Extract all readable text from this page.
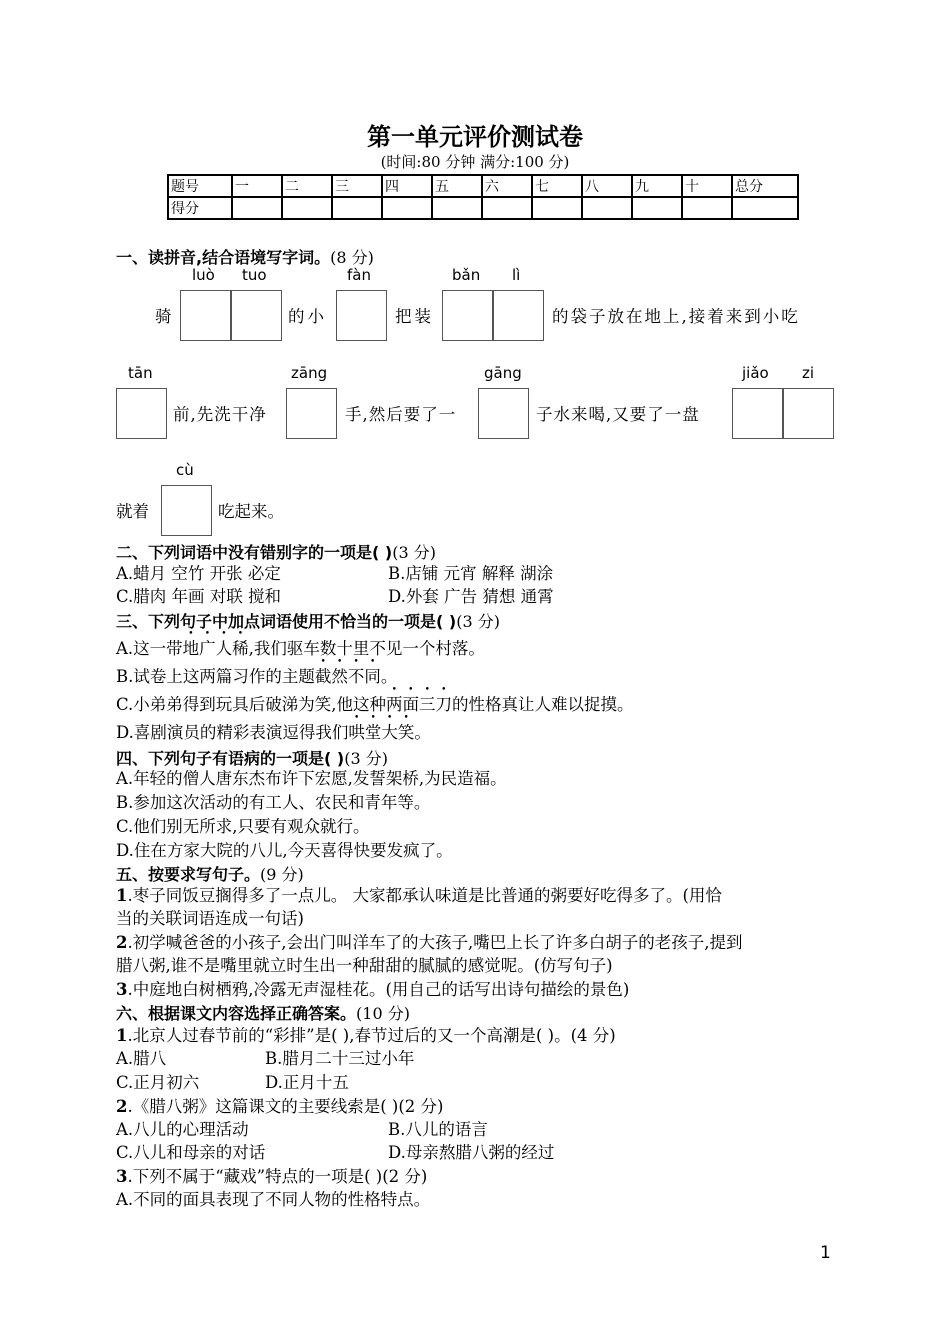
第一单元评价测试卷
(时间:80 分钟 满分:100 分)
题号	一	二	三	四	五	六	七	八	九	十	总分
得分											
一、读拼音,结合语境写字词。(8 分)
luò tuo	fàn	bǎn lì
骑	的小	把装	的袋子放在地上,接着来到小吃
tān	zāng	gāng	jiǎo zi
前,先洗干净	手,然后要了一	子水来喝,又要了一盘
cù
就着	吃起来。
二、下列词语中没有错别字的一项是( )(3 分)
A.蜡月 空竹 开张 必定	B.店铺 元宵 解释 湖涂
C.腊肉 年画 对联 搅和	D.外套 广告 猜想 通霄
三、下列句子中加点词语使用不恰当的一项是( )(3 分)
A.这一带地广人稀,我们驱车数十里不见一个村落。
B.试卷上这两篇习作的主题截然不同。
C.小弟弟得到玩具后破涕为笑,他这种两面三刀的性格真让人难以捉摸。
D.喜剧演员的精彩表演逗得我们哄堂大笑。
四、下列句子有语病的一项是( )(3 分)
A.年轻的僧人唐东杰布许下宏愿,发誓架桥,为民造福。
B.参加这次活动的有工人、农民和青年等。
C.他们别无所求,只要有观众就行。
D.住在方家大院的八儿,今天喜得快要发疯了。
五、按要求写句子。(9 分)
1.枣子同饭豆搁得多了一点儿。 大家都承认味道是比普通的粥要好吃得多了。(用恰
当的关联词语连成一句话)
2.初学喊爸爸的小孩子,会出门叫洋车了的大孩子,嘴巴上长了许多白胡子的老孩子,提到
腊八粥,谁不是嘴里就立时生出一种甜甜的腻腻的感觉呢。(仿写句子)
3.中庭地白树栖鸦,冷露无声湿桂花。(用自己的话写出诗句描绘的景色)
六、根据课文内容选择正确答案。(10 分)
1.北京人过春节前的“彩排”是( ),春节过后的又一个高潮是( )。(4 分)
A.腊八	B.腊月二十三过小年
C.正月初六	D.正月十五
2.《腊八粥》这篇课文的主要线索是( )(2 分)
A.八儿的心理活动	B.八儿的语言
C.八儿和母亲的对话	D.母亲熬腊八粥的经过
3.下列不属于“藏戏”特点的一项是( )(2 分)
A.不同的面具表现了不同人物的性格特点。
1
